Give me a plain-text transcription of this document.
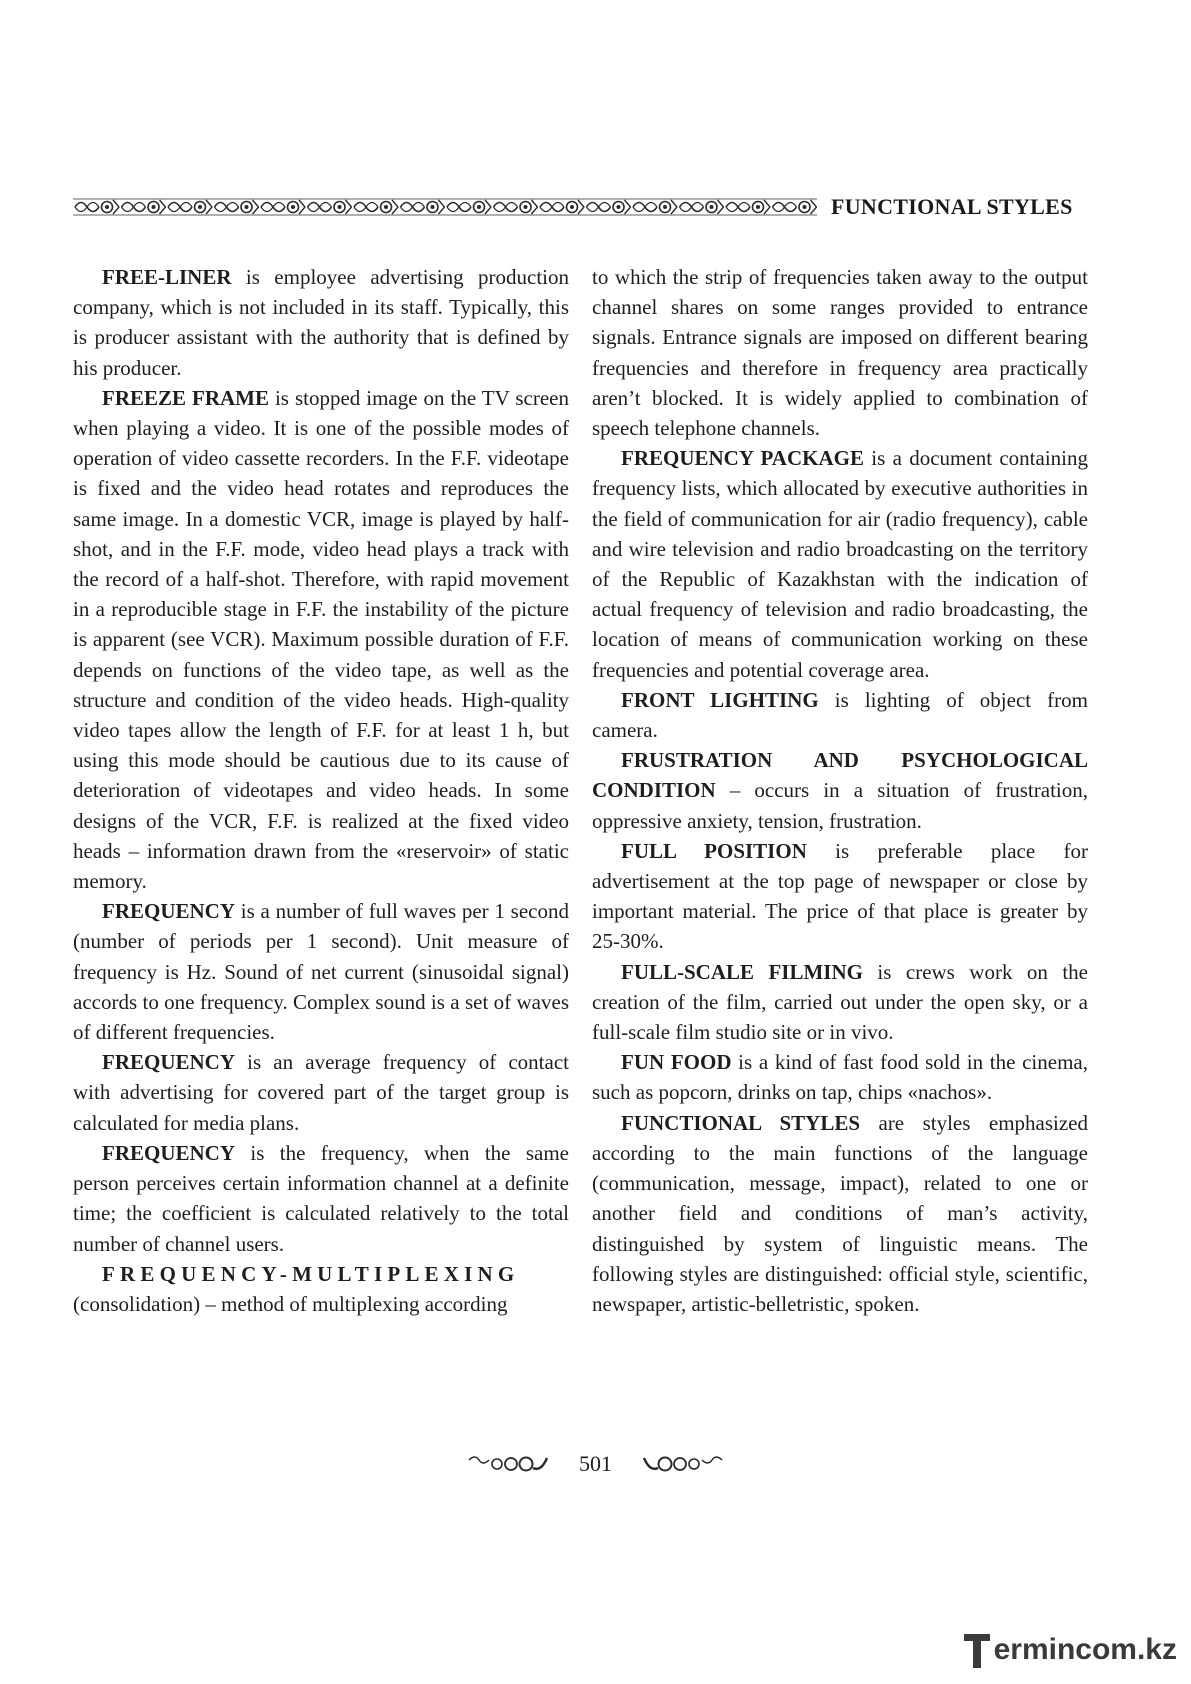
FUNCTIONAL STYLES

FREE-LINER is employee advertising production company, which is not included in its staff. Typically, this is producer assistant with the authority that is defined by his producer.

FREEZE FRAME is stopped image on the TV screen when playing a video. It is one of the possible modes of operation of video cassette recorders. In the F.F. videotape is fixed and the video head rotates and reproduces the same image. In a domestic VCR, image is played by half-shot, and in the F.F. mode, video head plays a track with the record of a half-shot. Therefore, with rapid movement in a reproducible stage in F.F. the instability of the picture is apparent (see VCR). Maximum possible duration of F.F. depends on functions of the video tape, as well as the structure and condition of the video heads. High-quality video tapes allow the length of F.F. for at least 1 h, but using this mode should be cautious due to its cause of deterioration of videotapes and video heads. In some designs of the VCR, F.F. is realized at the fixed video heads – information drawn from the «reservoir» of static memory.

FREQUENCY is a number of full waves per 1 second (number of periods per 1 second). Unit measure of frequency is Hz. Sound of net current (sinusoidal signal) accords to one frequency. Complex sound is a set of waves of different frequencies.

FREQUENCY is an average frequency of contact with advertising for covered part of the target group is calculated for media plans.

FREQUENCY is the frequency, when the same person perceives certain information channel at a definite time; the coefficient is calculated relatively to the total number of channel users.

FREQUENCY-MULTIPLEXING (consolidation) – method of multiplexing according

to which the strip of frequencies taken away to the output channel shares on some ranges provided to entrance signals. Entrance signals are imposed on different bearing frequencies and therefore in frequency area practically aren’t blocked. It is widely applied to combination of speech telephone channels.

FREQUENCY PACKAGE is a document containing frequency lists, which allocated by executive authorities in the field of communication for air (radio frequency), cable and wire television and radio broadcasting on the territory of the Republic of Kazakhstan with the indication of actual frequency of television and radio broadcasting, the location of means of communication working on these frequencies and potential coverage area.

FRONT LIGHTING is lighting of object from camera.

FRUSTRATION AND PSYCHOLOGICAL CONDITION – occurs in a situation of frustration, oppressive anxiety, tension, frustration.

FULL POSITION is preferable place for advertisement at the top page of newspaper or close by important material. The price of that place is greater by 25-30%.

FULL-SCALE FILMING is crews work on the creation of the film, carried out under the open sky, or a full-scale film studio site or in vivo.

FUN FOOD is a kind of fast food sold in the cinema, such as popcorn, drinks on tap, chips «nachos».

FUNCTIONAL STYLES are styles emphasized according to the main functions of the language (communication, message, impact), related to one or another field and conditions of man’s activity, distinguished by system of linguistic means. The following styles are distinguished: official style, scientific, newspaper, artistic-belletristic, spoken.

501
ermincom.kz
